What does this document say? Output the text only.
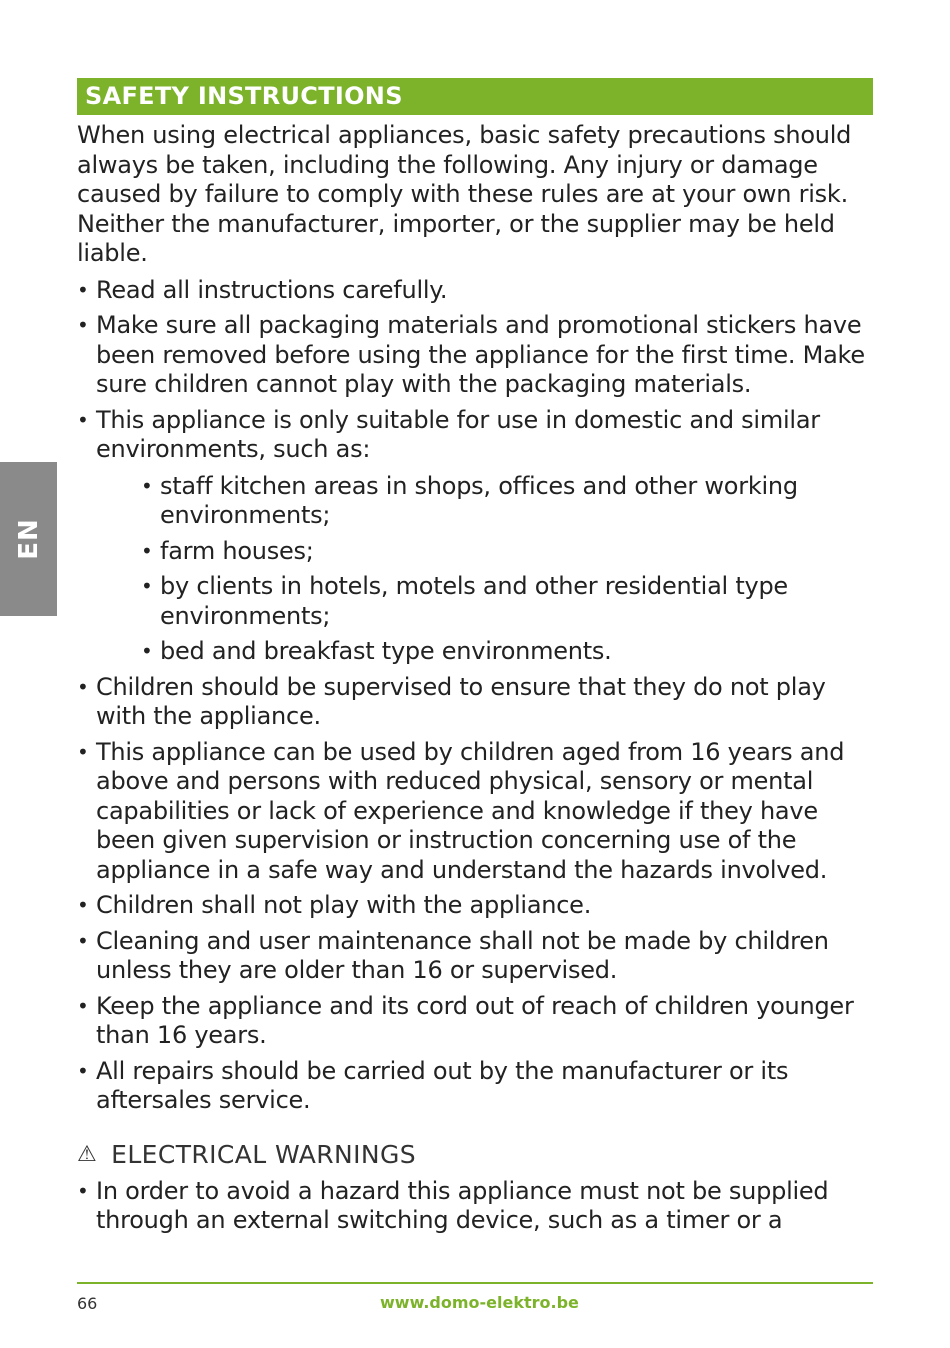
EN
SAFETY INSTRUCTIONS

When using electrical appliances, basic safety precautions should always be taken, including the following. Any injury or damage caused by failure to comply with these rules are at your own risk. Neither the manufacturer, importer, or the supplier may be held liable.

• Read all instructions carefully.
• Make sure all packaging materials and promotional stickers have been removed before using the appliance for the first time. Make sure children cannot play with the packaging materials.
• This appliance is only suitable for use in domestic and similar environments, such as:
• staff kitchen areas in shops, offices and other working environments;
• farm houses;
• by clients in hotels, motels and other residential type environments;
• bed and breakfast type environments.
• Children should be supervised to ensure that they do not play with the appliance.
• This appliance can be used by children aged from 16 years and above and persons with reduced physical, sensory or mental capabilities or lack of experience and knowledge if they have been given supervision or instruction concerning use of the appliance in a safe way and understand the hazards involved.
• Children shall not play with the appliance.
• Cleaning and user maintenance shall not be made by children unless they are older than 16 or supervised.
• Keep the appliance and its cord out of reach of children younger than 16 years.
• All repairs should be carried out by the manufacturer or its aftersales service.
⚠ ELECTRICAL WARNINGS
• In order to avoid a hazard this appliance must not be supplied through an external switching device, such as a timer or a
66	www.domo-elektro.be
